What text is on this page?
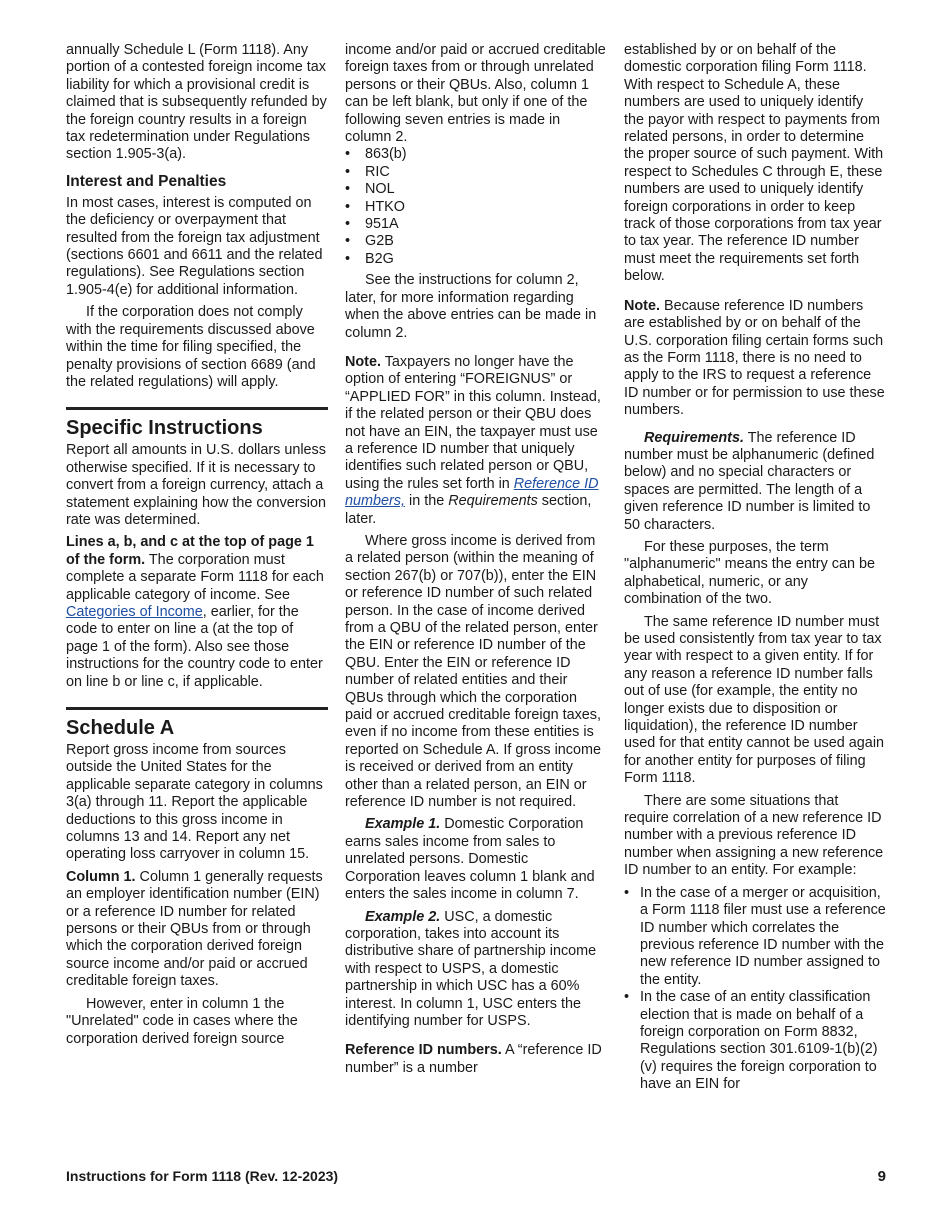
annually Schedule L (Form 1118). Any portion of a contested foreign income tax liability for which a provisional credit is claimed that is subsequently refunded by the foreign country results in a foreign tax redetermination under Regulations section 1.905-3(a).

Interest and Penalties

In most cases, interest is computed on the deficiency or overpayment that resulted from the foreign tax adjustment (sections 6601 and 6611 and the related regulations). See Regulations section 1.905-4(e) for additional information.

If the corporation does not comply with the requirements discussed above within the time for filing specified, the penalty provisions of section 6689 (and the related regulations) will apply.

Specific Instructions

Report all amounts in U.S. dollars unless otherwise specified. If it is necessary to convert from a foreign currency, attach a statement explaining how the conversion rate was determined.

Lines a, b, and c at the top of page 1 of the form. The corporation must complete a separate Form 1118 for each applicable category of income. See Categories of Income, earlier, for the code to enter on line a (at the top of page 1 of the form). Also see those instructions for the country code to enter on line b or line c, if applicable.

Schedule A

Report gross income from sources outside the United States for the applicable separate category in columns 3(a) through 11. Report the applicable deductions to this gross income in columns 13 and 14. Report any net operating loss carryover in column 15.

Column 1. Column 1 generally requests an employer identification number (EIN) or a reference ID number for related persons or their QBUs from or through which the corporation derived foreign source income and/or paid or accrued creditable foreign taxes.

However, enter in column 1 the "Unrelated" code in cases where the corporation derived foreign source

income and/or paid or accrued creditable foreign taxes from or through unrelated persons or their QBUs. Also, column 1 can be left blank, but only if one of the following seven entries is made in column 2.

• 863(b)
• RIC
• NOL
• HTKO
• 951A
• G2B
• B2G

See the instructions for column 2, later, for more information regarding when the above entries can be made in column 2.

Note. Taxpayers no longer have the option of entering “FOREIGNUS” or “APPLIED FOR” in this column. Instead, if the related person or their QBU does not have an EIN, the taxpayer must use a reference ID number that uniquely identifies such related person or QBU, using the rules set forth in Reference ID numbers, in the Requirements section, later.

Where gross income is derived from a related person (within the meaning of section 267(b) or 707(b)), enter the EIN or reference ID number of such related person. In the case of income derived from a QBU of the related person, enter the EIN or reference ID number of the QBU. Enter the EIN or reference ID number of related entities and their QBUs through which the corporation paid or accrued creditable foreign taxes, even if no income from these entities is reported on Schedule A. If gross income is received or derived from an entity other than a related person, an EIN or reference ID number is not required.

Example 1. Domestic Corporation earns sales income from sales to unrelated persons. Domestic Corporation leaves column 1 blank and enters the sales income in column 7.

Example 2. USC, a domestic corporation, takes into account its distributive share of partnership income with respect to USPS, a domestic partnership in which USC has a 60% interest. In column 1, USC enters the identifying number for USPS.

Reference ID numbers. A “reference ID number” is a number

established by or on behalf of the domestic corporation filing Form 1118. With respect to Schedule A, these numbers are used to uniquely identify the payor with respect to payments from related persons, in order to determine the proper source of such payment. With respect to Schedules C through E, these numbers are used to uniquely identify foreign corporations in order to keep track of those corporations from tax year to tax year. The reference ID number must meet the requirements set forth below.

Note. Because reference ID numbers are established by or on behalf of the U.S. corporation filing certain forms such as the Form 1118, there is no need to apply to the IRS to request a reference ID number or for permission to use these numbers.

Requirements. The reference ID number must be alphanumeric (defined below) and no special characters or spaces are permitted. The length of a given reference ID number is limited to 50 characters.

For these purposes, the term "alphanumeric" means the entry can be alphabetical, numeric, or any combination of the two.

The same reference ID number must be used consistently from tax year to tax year with respect to a given entity. If for any reason a reference ID number falls out of use (for example, the entity no longer exists due to disposition or liquidation), the reference ID number used for that entity cannot be used again for another entity for purposes of filing Form 1118.

There are some situations that require correlation of a new reference ID number with a previous reference ID number when assigning a new reference ID number to an entity. For example:

• In the case of a merger or acquisition, a Form 1118 filer must use a reference ID number which correlates the previous reference ID number with the new reference ID number assigned to the entity.
• In the case of an entity classification election that is made on behalf of a foreign corporation on Form 8832, Regulations section 301.6109-1(b)(2)(v) requires the foreign corporation to have an EIN for
Instructions for Form 1118 (Rev. 12-2023)	9
